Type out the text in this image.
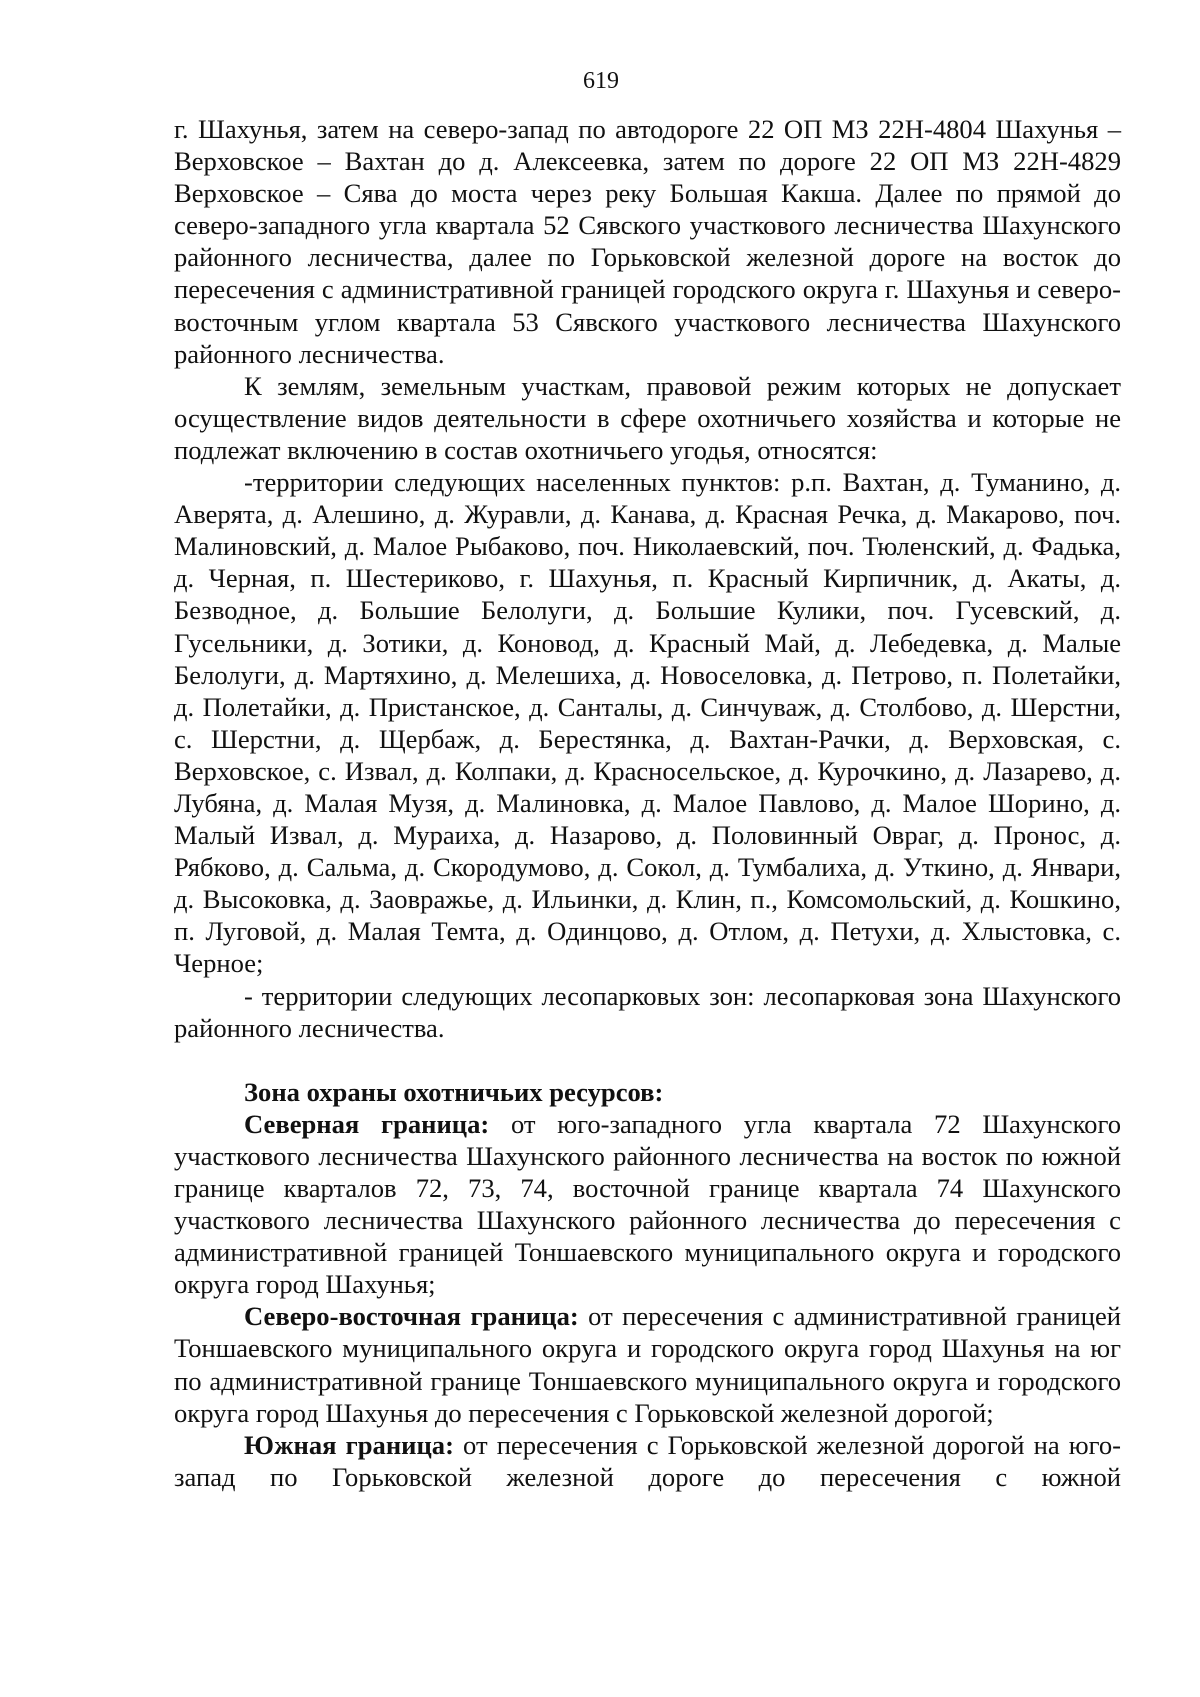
619

г. Шахунья, затем на северо-запад по автодороге 22 ОП МЗ 22Н-4804 Шахунья – Верховское – Вахтан до д. Алексеевка, затем по дороге 22 ОП МЗ 22Н-4829 Верховское – Сява до моста через реку Большая Какша. Далее по прямой до северо-западного угла квартала 52 Сявского участкового лесничества Шахунского районного лесничества, далее по Горьковской железной дороге на восток до пересечения с административной границей городского округа г. Шахунья и северо-восточным углом квартала 53 Сявского участкового лесничества Шахунского районного лесничества.

К землям, земельным участкам, правовой режим которых не допускает осуществление видов деятельности в сфере охотничьего хозяйства и которые не подлежат включению в состав охотничьего угодья, относятся:

-территории следующих населенных пунктов: р.п. Вахтан, д. Туманино, д. Аверята, д. Алешино, д. Журавли, д. Канава, д. Красная Речка, д. Макарово, поч. Малиновский, д. Малое Рыбаково, поч. Николаевский, поч. Тюленский, д. Фадька, д. Черная, п. Шестериково, г. Шахунья, п. Красный Кирпичник, д. Акаты, д. Безводное, д. Большие Белолуги, д. Большие Кулики, поч. Гусевский, д. Гусельники, д. Зотики, д. Коновод, д. Красный Май, д. Лебедевка, д. Малые Белолуги, д. Мартяхино, д. Мелешиха, д. Новоселовка, д. Петрово, п. Полетайки, д. Полетайки, д. Пристанское, д. Санталы, д. Синчуваж, д. Столбово, д. Шерстни, с. Шерстни, д. Щербаж, д. Берестянка, д. Вахтан-Рачки, д. Верховская, с. Верховское, с. Извал, д. Колпаки, д. Красносельское, д. Курочкино, д. Лазарево, д. Лубяна, д. Малая Музя, д. Малиновка, д. Малое Павлово, д. Малое Шорино, д. Малый Извал, д. Мураиха, д. Назарово, д. Половинный Овраг, д. Пронос, д. Рябково, д. Сальма, д. Скородумово, д. Сокол, д. Тумбалиха, д. Уткино, д. Январи, д. Высоковка, д. Заовражье, д. Ильинки, д. Клин, п., Комсомольский, д. Кошкино, п. Луговой, д. Малая Темта, д. Одинцово, д. Отлом, д. Петухи, д. Хлыстовка, с. Черное;

- территории следующих лесопарковых зон: лесопарковая зона Шахунского районного лесничества.

Зона охраны охотничьих ресурсов:

Северная граница: от юго-западного угла квартала 72 Шахунского участкового лесничества Шахунского районного лесничества на восток по южной границе кварталов 72, 73, 74, восточной границе квартала 74 Шахунского участкового лесничества Шахунского районного лесничества до пересечения с административной границей Тоншаевского муниципального округа и городского округа город Шахунья;

Северо-восточная граница: от пересечения с административной границей Тоншаевского муниципального округа и городского округа город Шахунья на юг по административной границе Тоншаевского муниципального округа и городского округа город Шахунья до пересечения с Горьковской железной дорогой;

Южная граница: от пересечения с Горьковской железной дорогой на юго-запад по Горьковской железной дороге до пересечения с южной
